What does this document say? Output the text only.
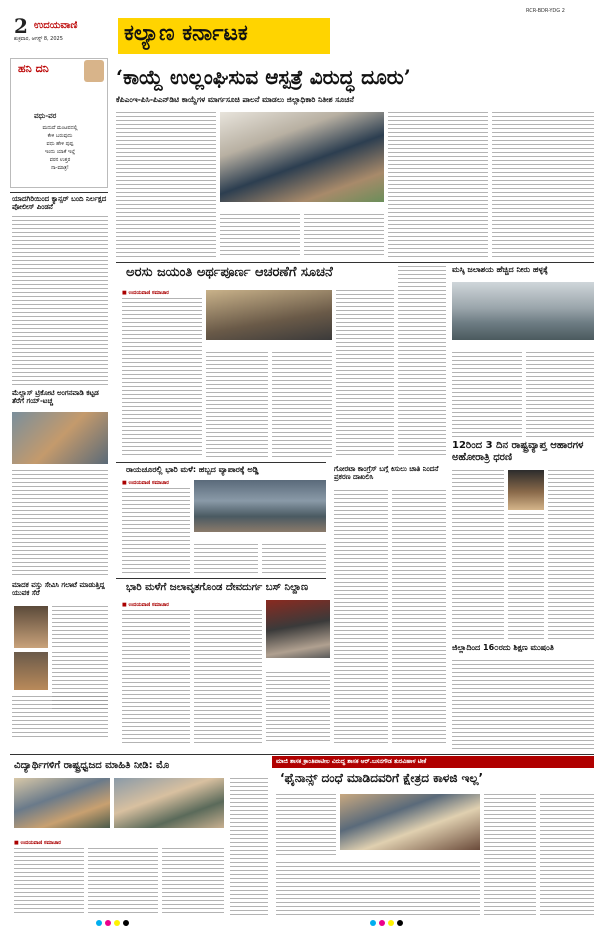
RCR-BDR-YDG 2
2 ಉದಯವಾಣಿ
ಶುಕ್ರವಾರ, ಆಗಸ್ಟ್ 8, 2025	ಕಲ್ಯಾಣ ಕರ್ನಾಟಕ
ಹನಿ ದನಿ
ವಧು-ವರ
ಮದುವೆ ಮಂಟಪದಲ್ಲಿ
ಕೇಳಿ ಬರುವುದು
ವಧು ಹೇಳಿ ಪುಷ್ಪ
ಇಂದು ಯಾಕೆ ಇಲ್ಲೆ
ವರನ ಉತ್ತರ
ನಾ-ಮಾತ್ರ!
ಯಾದಗಿರಿಯಿಂದ ಕ್ಯಾನ್ಸರ್ ಬಂದಿ ನಿರ್ಲಕ್ಷದ ಪೋಲೀಸ್ ಪಿಂಡನೆ
ಮೆಲ್ಲಾಸ್ ಟ್ರಿಕೋಟಿ ಅಂಗನವಾಡಿ ಕಟ್ಟಡ ತೆರೆಗೆ ಗಯ್-ಟಚ್ಚ
ಮಾದಕ ವಸ್ತು ಸೇವಿಸಿ ಗಲಾಟೆ ಮಾಡುತ್ತಿದ್ದ ಯುವಕ ಸೆರೆ
‘ಕಾಯ್ದೆ ಉಲ್ಲಂಘಿಸುವ ಆಸ್ಪತ್ರೆ ವಿರುದ್ಧ ದೂರು’
ಕೆಪಿಎಂಇ-ಪಿಸಿ-ಪಿಎನ್‌ಡಿಟಿ ಕಾಯ್ದೆಗಳ ಮಾರ್ಗಸೂಚಿ ಪಾಲನೆ ಮಾಡಲು ಜಿಲ್ಲಾಧಿಕಾರಿ ನಿತೀಶ ಸೂಚನೆ
ಅರಸು ಜಯಂತಿ ಅರ್ಥಪೂರ್ಣ ಆಚರಣೆಗೆ ಸೂಚನೆ
■ ಉದಯವಾಣಿ ಸಮಾಚಾರ
ಮಸ್ಕಿ ಜಲಾಶಯ ಹೆಚ್ಚಿದ ನೀರು ಹಳ್ಳಕ್ಕೆ
12ರಿಂದ 3 ದಿನ ರಾಷ್ಟ್ರವ್ಯಾಪ್ತ ಆಹಾರಗಳ ಅಹೋರಾತ್ರಿ ಧರಣಿ
ಜಿಲ್ಲಾದಿಂದ 16೦ರದು ಶಿಕ್ಷಣ ಮುಷಂತಿ
ರಾಯಚೂರಲ್ಲಿ ಭಾರಿ ಮಳೆ: ಹಬ್ಬದ ವ್ಯಾಪಾರಕ್ಕೆ ಅಡ್ಡಿ
■ ಉದಯವಾಣಿ ಸಮಾಚಾರ
ಗೋರಟಾ ಕಾಂಗ್ರೆಸ್‌ ಬಗ್ಗೆ ಕಿಸುಲು ಚಾತಿ ನಿಂದನೆ ಪ್ರಕರಣ ದಾಖಲಿಸಿ
ಭಾರಿ ಮಳೆಗೆ ಜಲಾವೃತಗೊಂಡ ದೇವದುರ್ಗ ಬಸ್ ನಿಲ್ದಾಣ
■ ಉದಯವಾಣಿ ಸಮಾಚಾರ
ವಿದ್ಯಾರ್ಥಿಗಳಿಗೆ ರಾಷ್ಟ್ರಧ್ವಜದ ಮಾಹಿತಿ ನೀಡಿ: ಮೊ
■ ಉದಯವಾಣಿ ಸಮಾಚಾರ
ಮಾಜಿ ಶಾಸಕ ಕ್ರಾಂತಿಪಾಟೀಲ ವಿರುದ್ಧ ಶಾಸಕ ಆರ್.ಬಸನಗೌಡ ತುರವಿಹಾಳ ಟೀಕೆ
‘ಫೈನಾನ್ಸ್ ದಂಧೆ ಮಾಡಿದವರಿಗೆ ಕ್ಷೇತ್ರದ ಕಾಳಜಿ ಇಲ್ಲ’
